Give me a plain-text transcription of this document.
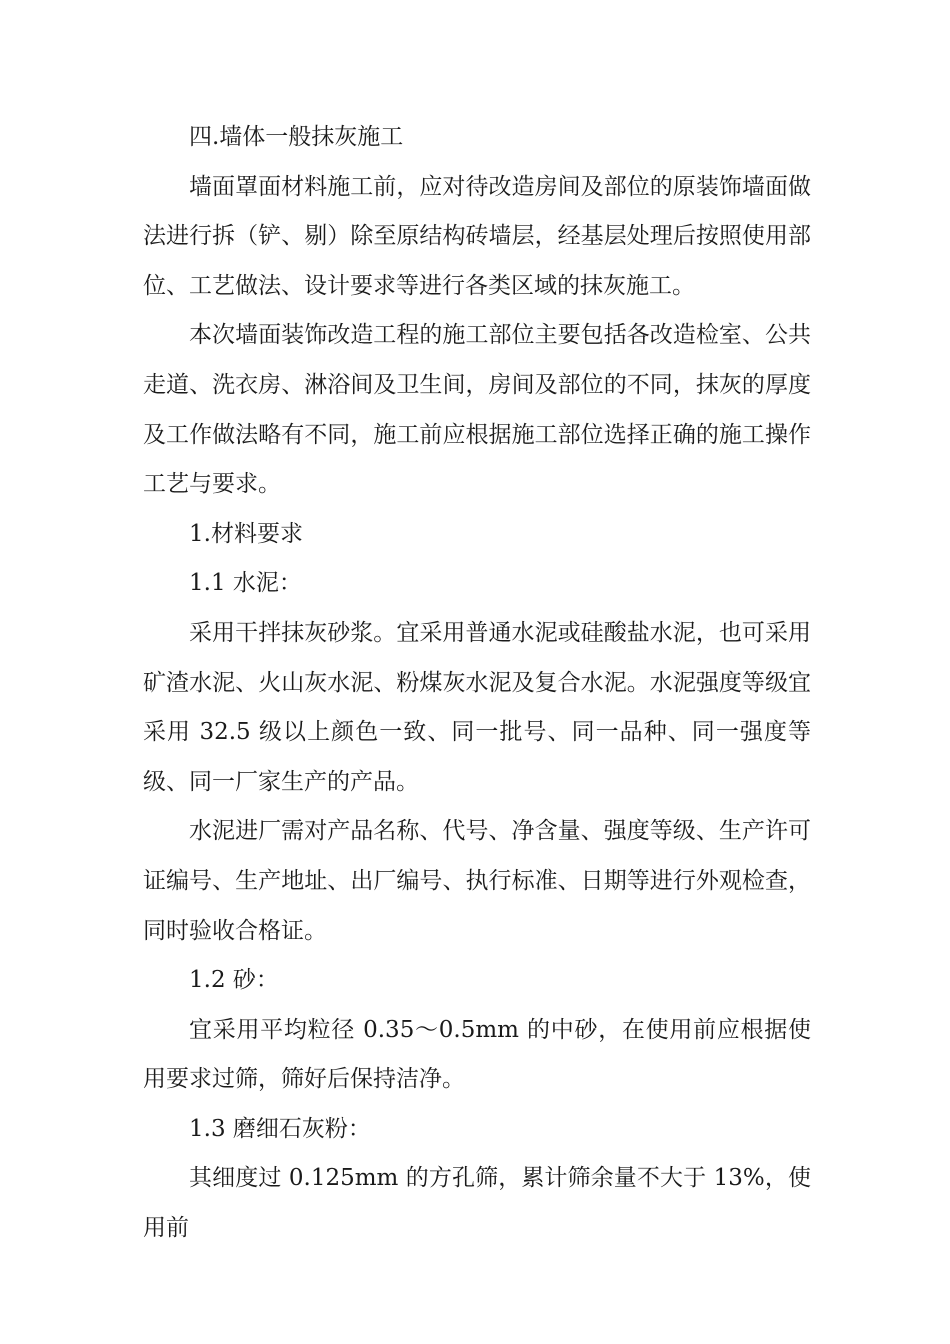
四.墙体一般抹灰施工

墙面罩面材料施工前，应对待改造房间及部位的原装饰墙面做法进行拆（铲、剔）除至原结构砖墙层，经基层处理后按照使用部位、工艺做法、设计要求等进行各类区域的抹灰施工。

本次墙面装饰改造工程的施工部位主要包括各改造检室、公共走道、洗衣房、淋浴间及卫生间，房间及部位的不同，抹灰的厚度及工作做法略有不同，施工前应根据施工部位选择正确的施工操作工艺与要求。

1.材料要求

1.1 水泥：

采用干拌抹灰砂浆。宜采用普通水泥或硅酸盐水泥，也可采用矿渣水泥、火山灰水泥、粉煤灰水泥及复合水泥。水泥强度等级宜采用 32.5 级以上颜色一致、同一批号、同一品种、同一强度等级、同一厂家生产的产品。

水泥进厂需对产品名称、代号、净含量、强度等级、生产许可证编号、生产地址、出厂编号、执行标准、日期等进行外观检查，同时验收合格证。

1.2 砂：

宜采用平均粒径 0.35～0.5mm 的中砂，在使用前应根据使用要求过筛，筛好后保持洁净。

1.3 磨细石灰粉：

其细度过 0.125mm 的方孔筛，累计筛余量不大于 13%，使用前
